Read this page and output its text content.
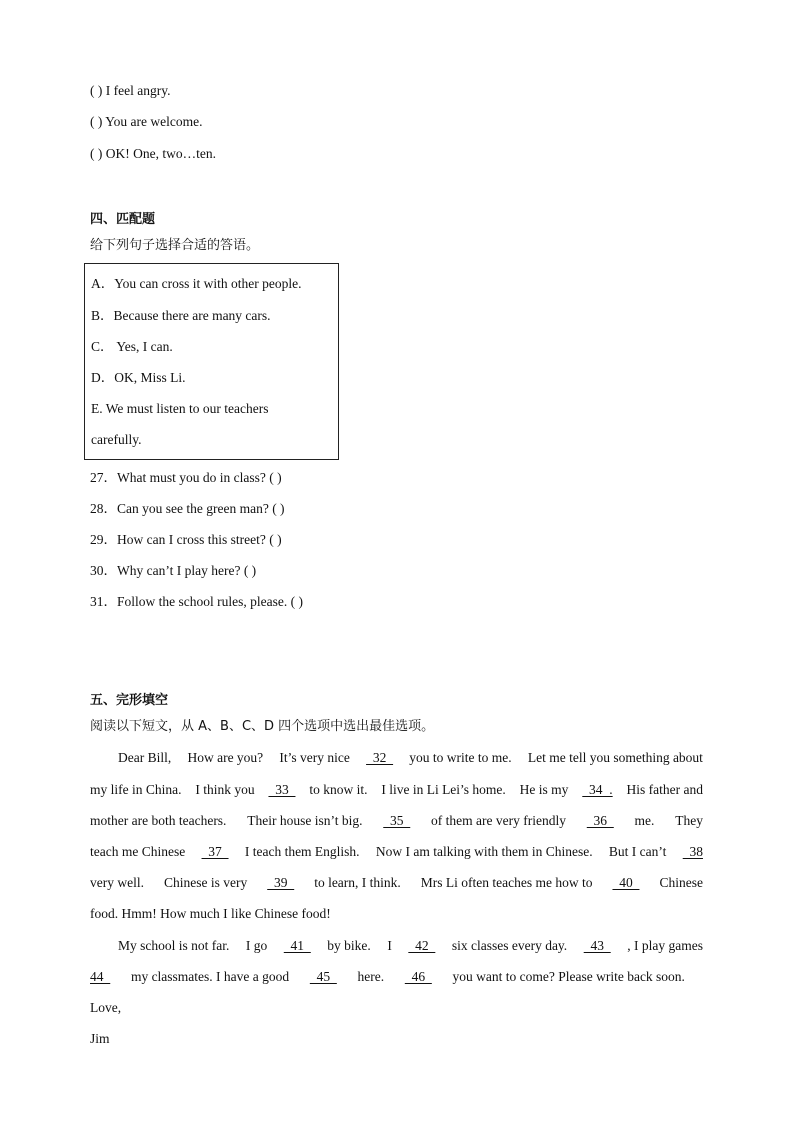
( ) I feel angry.
( ) You are welcome.
( ) OK! One, two…ten.
四、匹配题
给下列句子选择合适的答语。
A．You can cross it with other people.
B．Because there are many cars.
C． Yes, I can.
D．OK, Miss Li.
E. We must listen to our teachers
carefully.
27．What must you do in class? ( )
28．Can you see the green man? ( )
29．How can I cross this street? ( )
30．Why can’t I play here? ( )
31．Follow the school rules, please. ( )
五、完形填空
阅读以下短文，从 A、B、C、D 四个选项中选出最佳选项。
Dear Bill, How are you? It’s very nice 32 you to write to me. Let me tell you something about
my life in China. I think you 33 to know it. I live in Li Lei’s home. He is my 34  . His father and
mother are both teachers. Their house isn’t big. 35 of them are very friendly 36 me. They
teach me Chinese 37 I teach them English. Now I am talking with them in Chinese. But I can’t 38
very well. Chinese is very 39 to learn, I think. Mrs Li often teaches me how to 40 Chinese
food. Hmm! How much I like Chinese food!
My school is not far. I go 41 by bike. I 42 six classes every day. 43 , I play games
44 my classmates. I have a good 45 here. 46 you want to come? Please write back soon.
Love,
Jim
